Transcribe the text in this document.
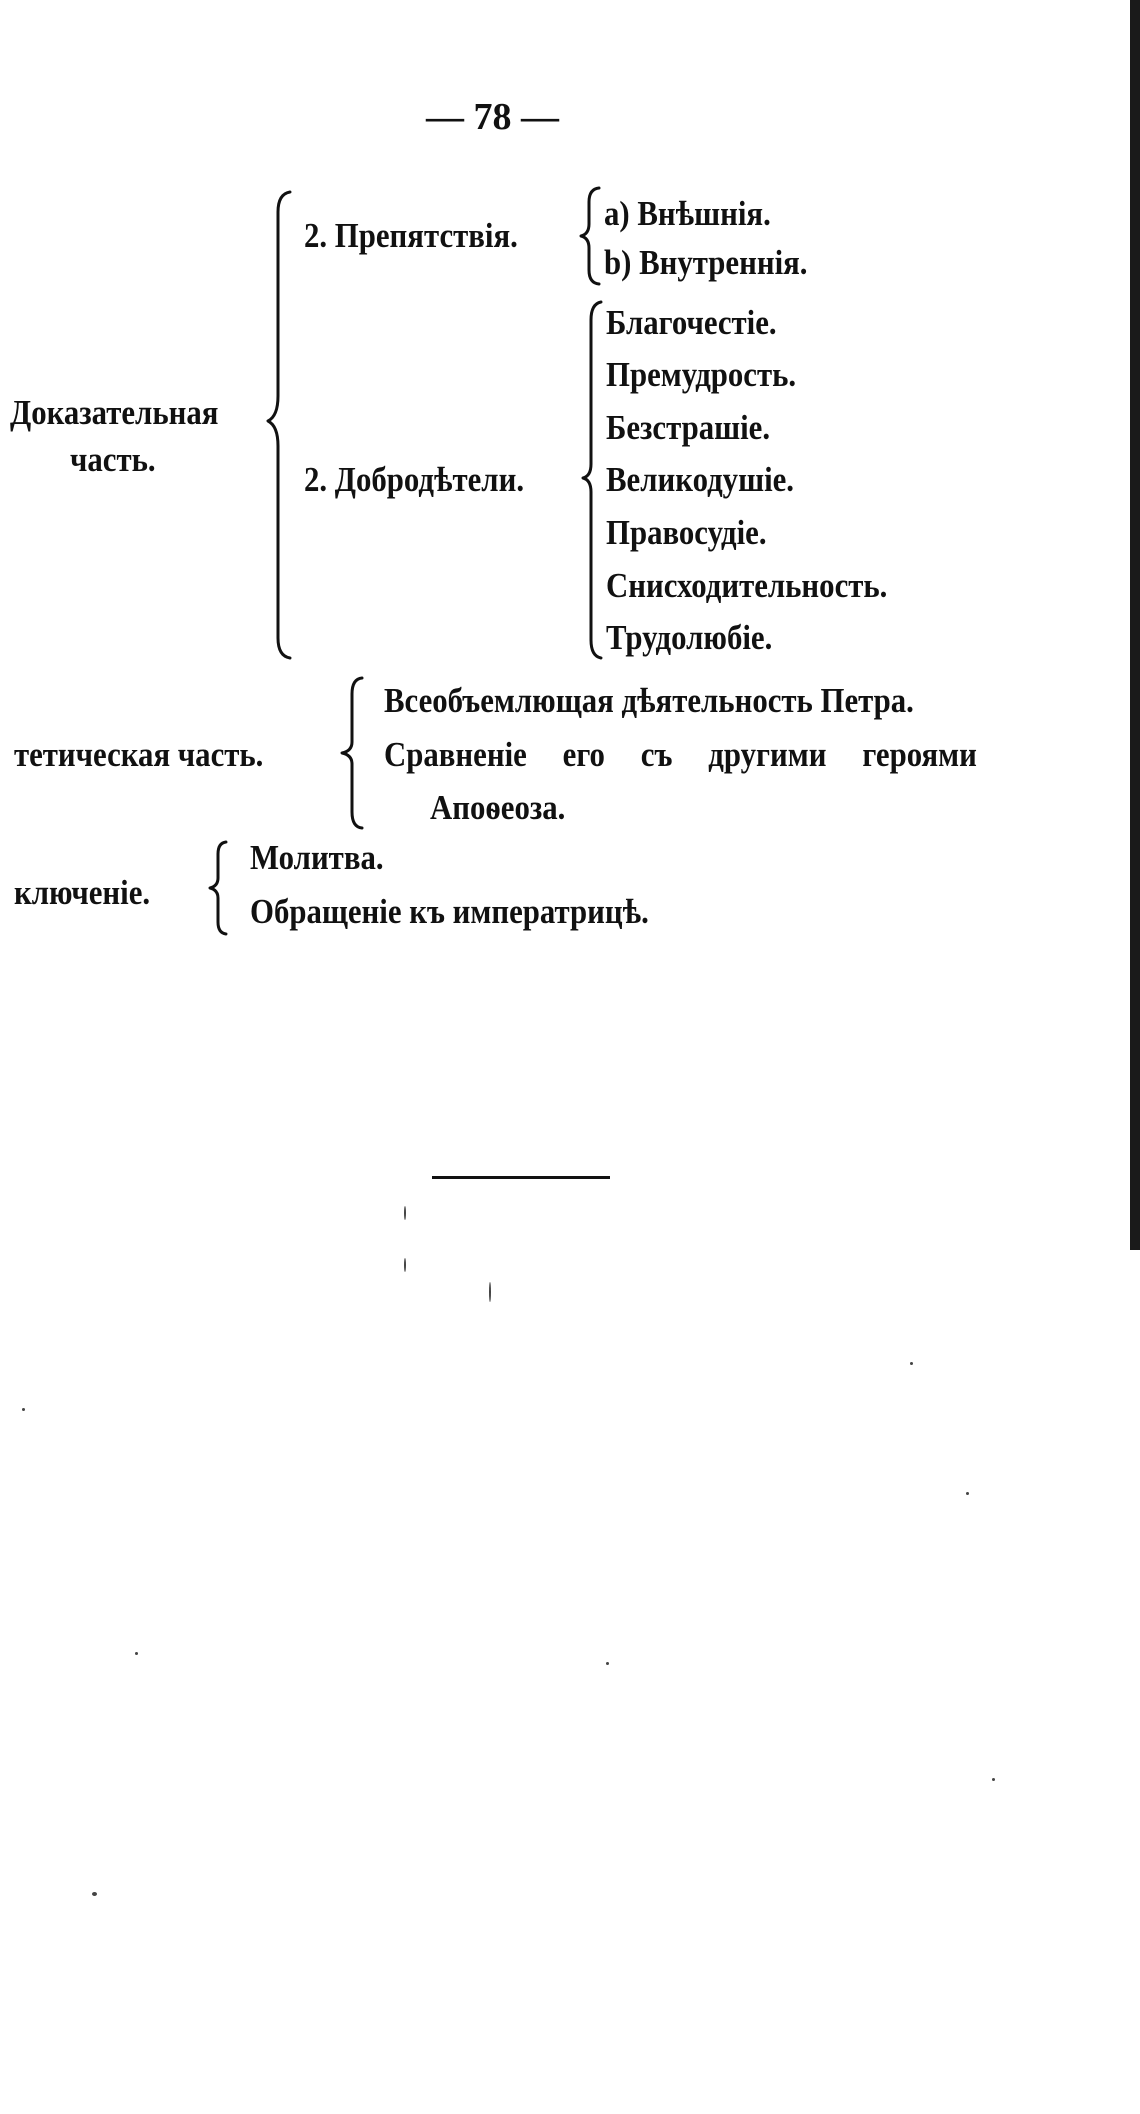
— 78 —
Доказательная
часть.
2. Препятствія.
a) Внѣшнія.
b) Внутреннія.
2. Добродѣтели.
Благочестіе.
Премудрость.
Безстрашіе.
Великодушіе.
Правосудіе.
Снисходительность.
Трудолюбіе.
тетическая часть.
Всеобъемлющая дѣятельность Петра.
Сравненіе его съ другими героями
Апоѳеоза.
ключеніе.
Молитва.
Обращеніе къ императрицѣ.
